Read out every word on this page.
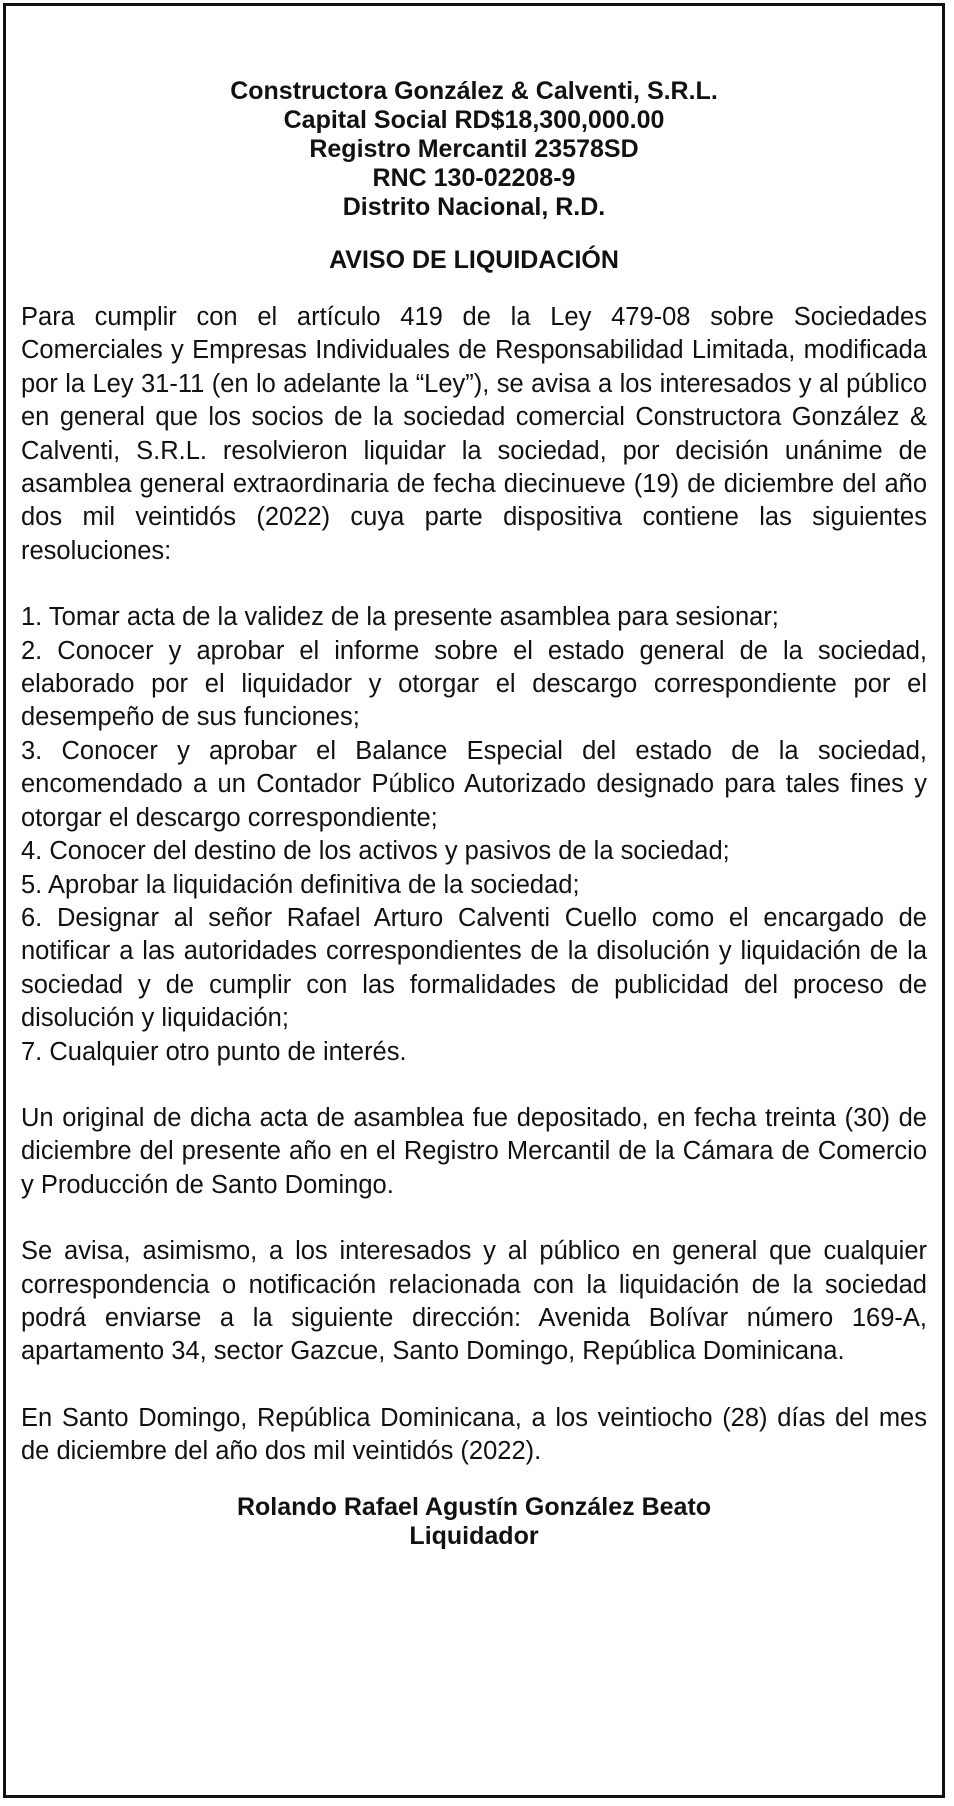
Constructora González & Calventi, S.R.L.
Capital Social RD$18,300,000.00
Registro Mercantil 23578SD
RNC 130-02208-9
Distrito Nacional, R.D.
AVISO DE LIQUIDACIÓN

Para cumplir con el artículo 419 de la Ley 479-08 sobre Sociedades Comerciales y Empresas Individuales de Responsabilidad Limitada, modificada por la Ley 31-11 (en lo adelante la “Ley”), se avisa a los interesados y al público en general que los socios de la sociedad comercial Constructora González & Calventi, S.R.L. resolvieron liquidar la sociedad, por decisión unánime de asamblea general extraordinaria de fecha diecinueve (19) de diciembre del año dos mil veintidós (2022) cuya parte dispositiva contiene las siguientes resoluciones:

1. Tomar acta de la validez de la presente asamblea para sesionar;
2. Conocer y aprobar el informe sobre el estado general de la sociedad, elaborado por el liquidador y otorgar el descargo correspondiente por el desempeño de sus funciones;
3. Conocer y aprobar el Balance Especial del estado de la sociedad, encomendado a un Contador Público Autorizado designado para tales fines y otorgar el descargo correspondiente;
4. Conocer del destino de los activos y pasivos de la sociedad;
5. Aprobar la liquidación definitiva de la sociedad;
6. Designar al señor Rafael Arturo Calventi Cuello como el encargado de notificar a las autoridades correspondientes de la disolución y liquidación de la sociedad y de cumplir con las formalidades de publicidad del proceso de disolución y liquidación;
7. Cualquier otro punto de interés.

Un original de dicha acta de asamblea fue depositado, en fecha treinta (30) de diciembre del presente año en el Registro Mercantil de la Cámara de Comercio y Producción de Santo Domingo.

Se avisa, asimismo, a los interesados y al público en general que cualquier correspondencia o notificación relacionada con la liquidación de la sociedad podrá enviarse a la siguiente dirección: Avenida Bolívar número 169-A, apartamento 34, sector Gazcue, Santo Domingo, República Dominicana.

En Santo Domingo, República Dominicana, a los veintiocho (28) días del mes de diciembre del año dos mil veintidós (2022).

Rolando Rafael Agustín González Beato
Liquidador
